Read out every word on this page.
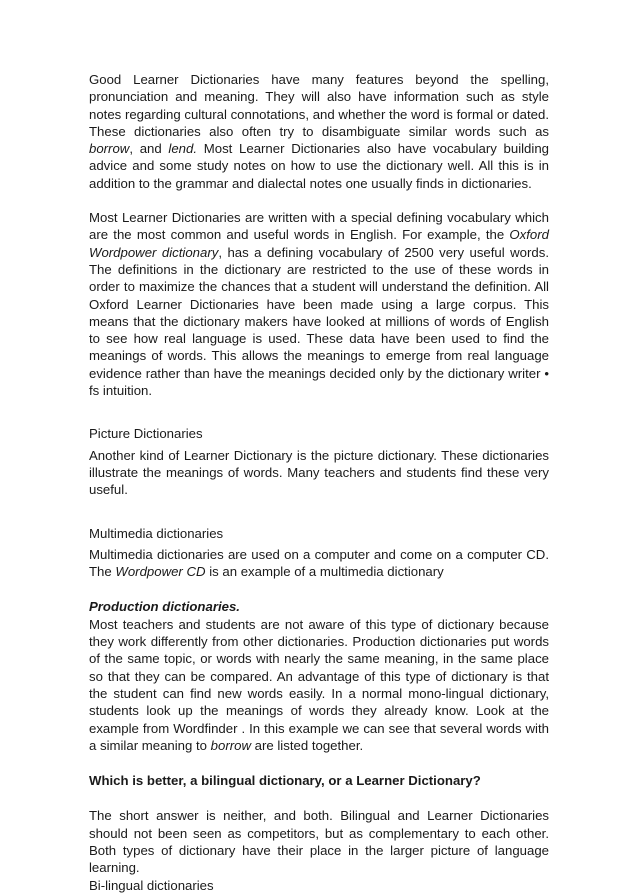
Good Learner Dictionaries have many features beyond the spelling, pronunciation and meaning. They will also have information such as style notes regarding cultural connotations, and whether the word is formal or dated. These dictionaries also often try to disambiguate similar words such as borrow, and lend. Most Learner Dictionaries also have vocabulary building advice and some study notes on how to use the dictionary well. All this is in addition to the grammar and dialectal notes one usually finds in dictionaries.

Most Learner Dictionaries are written with a special defining vocabulary which are the most common and useful words in English. For example, the Oxford Wordpower dictionary, has a defining vocabulary of 2500 very useful words. The definitions in the dictionary are restricted to the use of these words in order to maximize the chances that a student will understand the definition. All Oxford Learner Dictionaries have been made using a large corpus. This means that the dictionary makers have looked at millions of words of English to see how real language is used. These data have been used to find the meanings of words. This allows the meanings to emerge from real language evidence rather than have the meanings decided only by the dictionary writer • fs intuition.

Picture Dictionaries

Another kind of Learner Dictionary is the picture dictionary. These dictionaries illustrate the meanings of words. Many teachers and students find these very useful.

Multimedia dictionaries

Multimedia dictionaries are used on a computer and come on a computer CD. The Wordpower CD is an example of a multimedia dictionary

Production dictionaries.

Most teachers and students are not aware of this type of dictionary because they work differently from other dictionaries. Production dictionaries put words of the same topic, or words with nearly the same meaning, in the same place so that they can be compared. An advantage of this type of dictionary is that the student can find new words easily. In a normal mono-lingual dictionary, students look up the meanings of words they already know. Look at the example from Wordfinder . In this example we can see that several words with a similar meaning to borrow are listed together.

Which is better, a bilingual dictionary, or a Learner Dictionary?

The short answer is neither, and both. Bilingual and Learner Dictionaries should not been seen as competitors, but as complementary to each other. Both types of dictionary have their place in the larger picture of language learning.

Bi-lingual dictionaries
